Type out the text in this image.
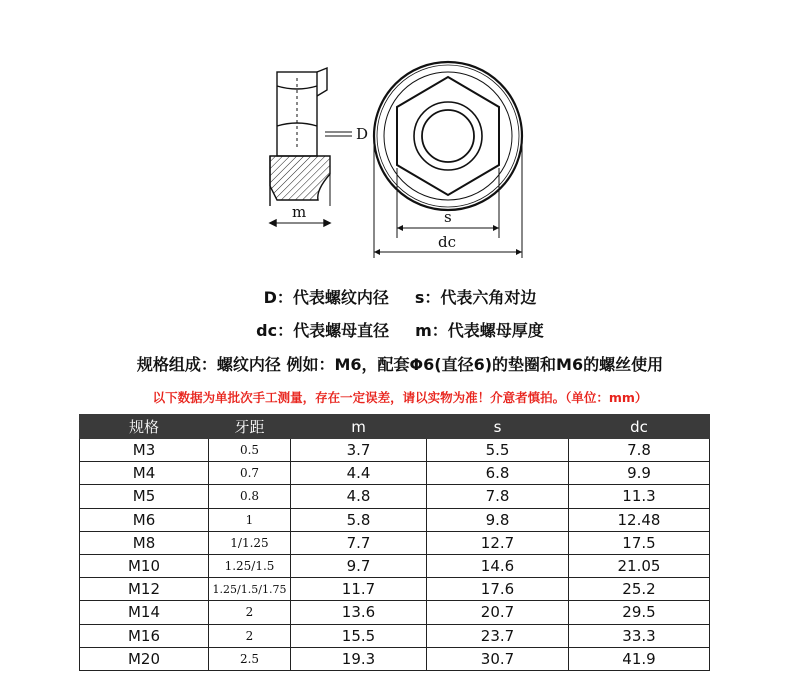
D
m	s
dc
D：代表螺纹内径 s：代表六角对边
dc：代表螺母直径 m：代表螺母厚度
规格组成：螺纹内径 例如：M6，配套Φ6(直径6)的垫圈和M6的螺丝使用
以下数据为单批次手工测量，存在一定误差，请以实物为准！介意者慎拍。（单位：mm）
规格	牙距	m	s	dc
M3	0.5	3.7	5.5	7.8
M4	0.7	4.4	6.8	9.9
M5	0.8	4.8	7.8	11.3
M6	1	5.8	9.8	12.48
M8	1/1.25	7.7	12.7	17.5
M10	1.25/1.5	9.7	14.6	21.05
M12	1.25/1.5/1.75	11.7	17.6	25.2
M14	2	13.6	20.7	29.5
M16	2	15.5	23.7	33.3
M20	2.5	19.3	30.7	41.9
